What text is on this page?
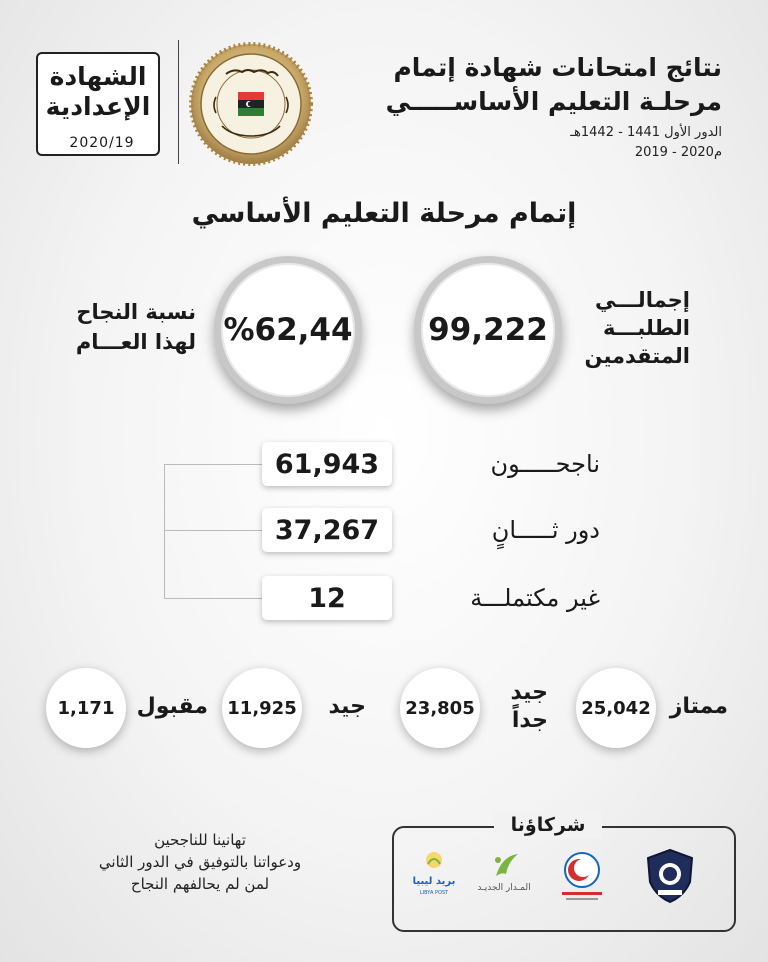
الشهادة
الإعدادية
2020/19
نتائج امتحانات شهادة إتمام
مرحلـة التعليم الأساســـــي
الدور الأول 1441 - 1442هـ
2019 - 2020م
إتمام مرحلة التعليم الأساسي
99,222
إجمالـــي
الطلبـــة
المتقدمين
%62,44
نسبة النجاح
لهذا العـــام
61,943	ناجحـــــون
37,267	دور ثـــــانٍ
12	غير مكتملـــة
25,042 ممتاز
23,805
جيد
جداً
11,925	جيد
1,171	مقبول
تهانينا للناجحين
ودعواتنا بالتوفيق في الدور الثاني
لمن لم يحالفهم النجاح
شركاؤنا
المـدار الجديـد
بريد ليبيا
LIBYA POST
